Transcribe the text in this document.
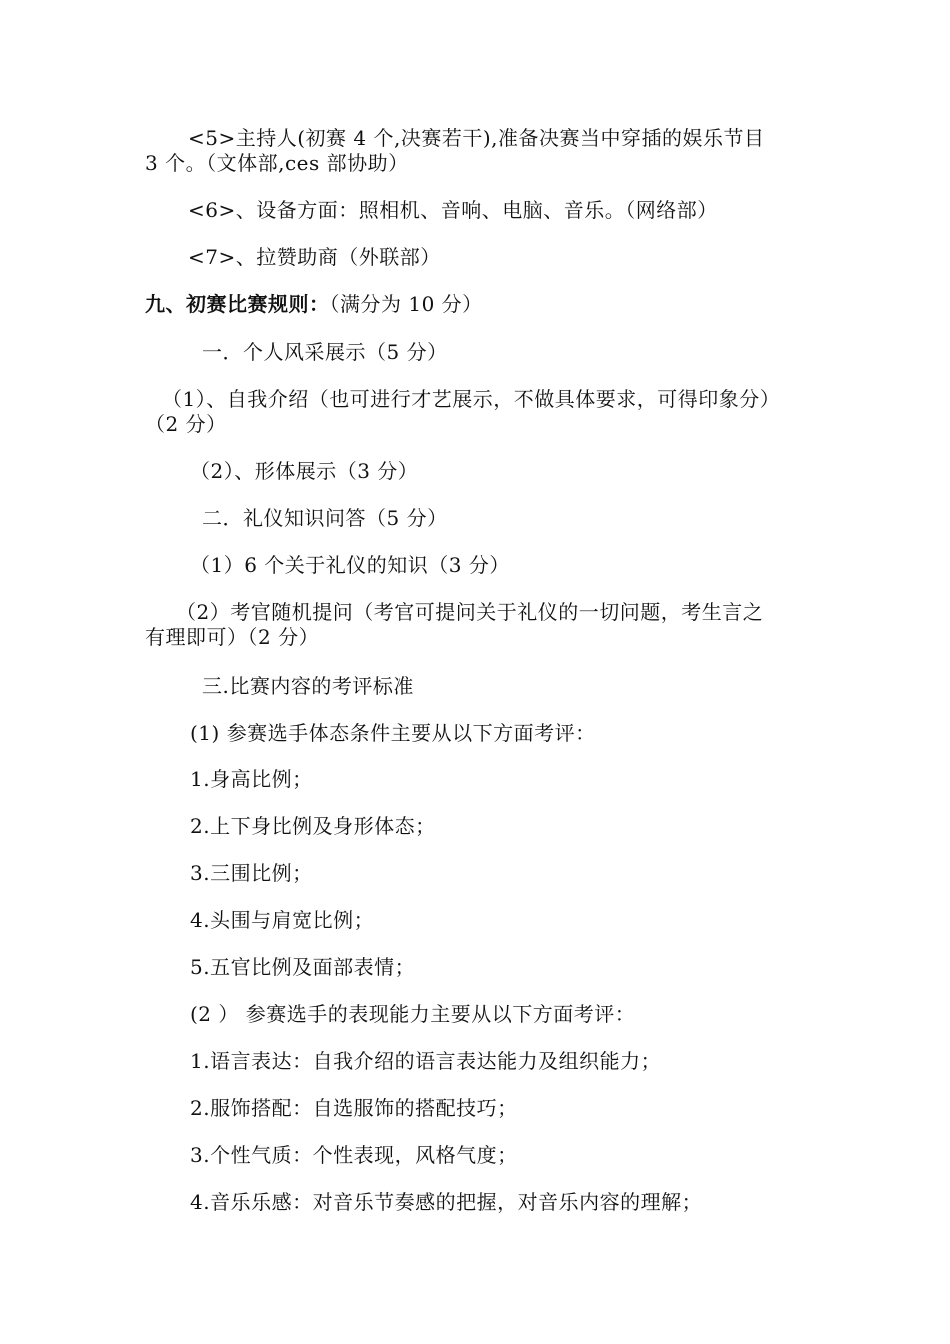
<5>主持人(初赛 4 个,决赛若干),准备决赛当中穿插的娱乐节目
3 个。（文体部,ces 部协助）
<6>、设备方面：照相机、音响、电脑、音乐。（网络部）
<7>、拉赞助商（外联部）
九、初赛比赛规则：（满分为 10 分）
一．个人风采展示（5 分）
（1）、自我介绍（也可进行才艺展示，不做具体要求，可得印象分）
（2 分）
（2）、形体展示（3 分）
二．礼仪知识问答（5 分）
（1）6 个关于礼仪的知识（3 分）
（2）考官随机提问（考官可提问关于礼仪的一切问题，考生言之
有理即可）（2 分）
三.比赛内容的考评标准
(1) 参赛选手体态条件主要从以下方面考评：
1.身高比例；
2.上下身比例及身形体态；
3.三围比例；
4.头围与肩宽比例；
5.五官比例及面部表情；
(2 ） 参赛选手的表现能力主要从以下方面考评：
1.语言表达：自我介绍的语言表达能力及组织能力；
2.服饰搭配：自选服饰的搭配技巧；
3.个性气质：个性表现，风格气度；
4.音乐乐感：对音乐节奏感的把握，对音乐内容的理解；
